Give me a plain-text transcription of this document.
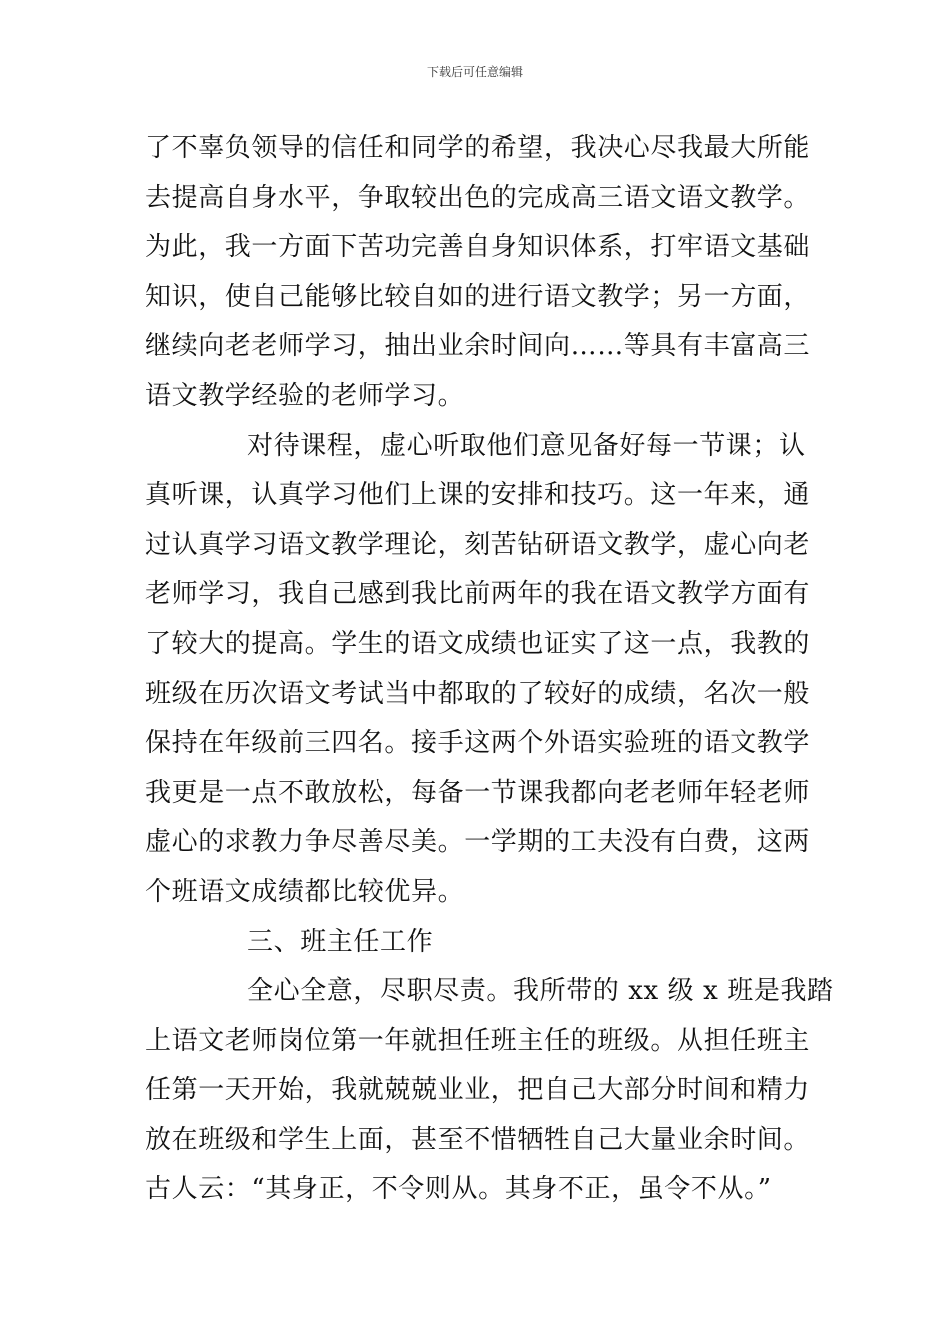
下载后可任意编辑
了不辜负领导的信任和同学的希望，我决心尽我最大所能
去提高自身水平，争取较出色的完成高三语文语文教学。
为此，我一方面下苦功完善自身知识体系，打牢语文基础
知识，使自己能够比较自如的进行语文教学；另一方面，
继续向老老师学习，抽出业余时间向……等具有丰富高三
语文教学经验的老师学习。
对待课程，虚心听取他们意见备好每一节课；认
真听课，认真学习他们上课的安排和技巧。这一年来，通
过认真学习语文教学理论，刻苦钻研语文教学，虚心向老
老师学习，我自己感到我比前两年的我在语文教学方面有
了较大的提高。学生的语文成绩也证实了这一点，我教的
班级在历次语文考试当中都取的了较好的成绩，名次一般
保持在年级前三四名。接手这两个外语实验班的语文教学
我更是一点不敢放松，每备一节课我都向老老师年轻老师
虚心的求教力争尽善尽美。一学期的工夫没有白费，这两
个班语文成绩都比较优异。
三、班主任工作
全心全意，尽职尽责。我所带的 xx 级 x 班是我踏
上语文老师岗位第一年就担任班主任的班级。从担任班主
任第一天开始，我就兢兢业业，把自己大部分时间和精力
放在班级和学生上面，甚至不惜牺牲自己大量业余时间。
古人云：“其身正，不令则从。其身不正，虽令不从。”
